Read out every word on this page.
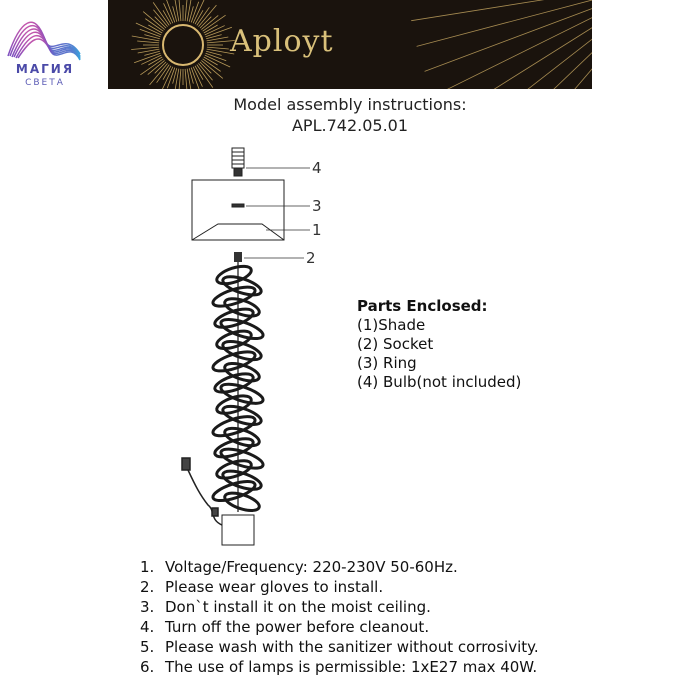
МАГИЯ
СВЕТА
Aployt
Model assembly instructions:
APL.742.05.01
4
3
1
2
Parts Enclosed:
(1)Shade
(2) Socket
(3) Ring
(4) Bulb(not included)
1. Voltage/Frequency: 220-230V 50-60Hz.
2. Please wear gloves to install.
3. Don`t install it on the moist ceiling.
4. Turn off the power before cleanout.
5. Please wash with the sanitizer without corrosivity.
6. The use of lamps is permissible: 1xE27 max 40W.
